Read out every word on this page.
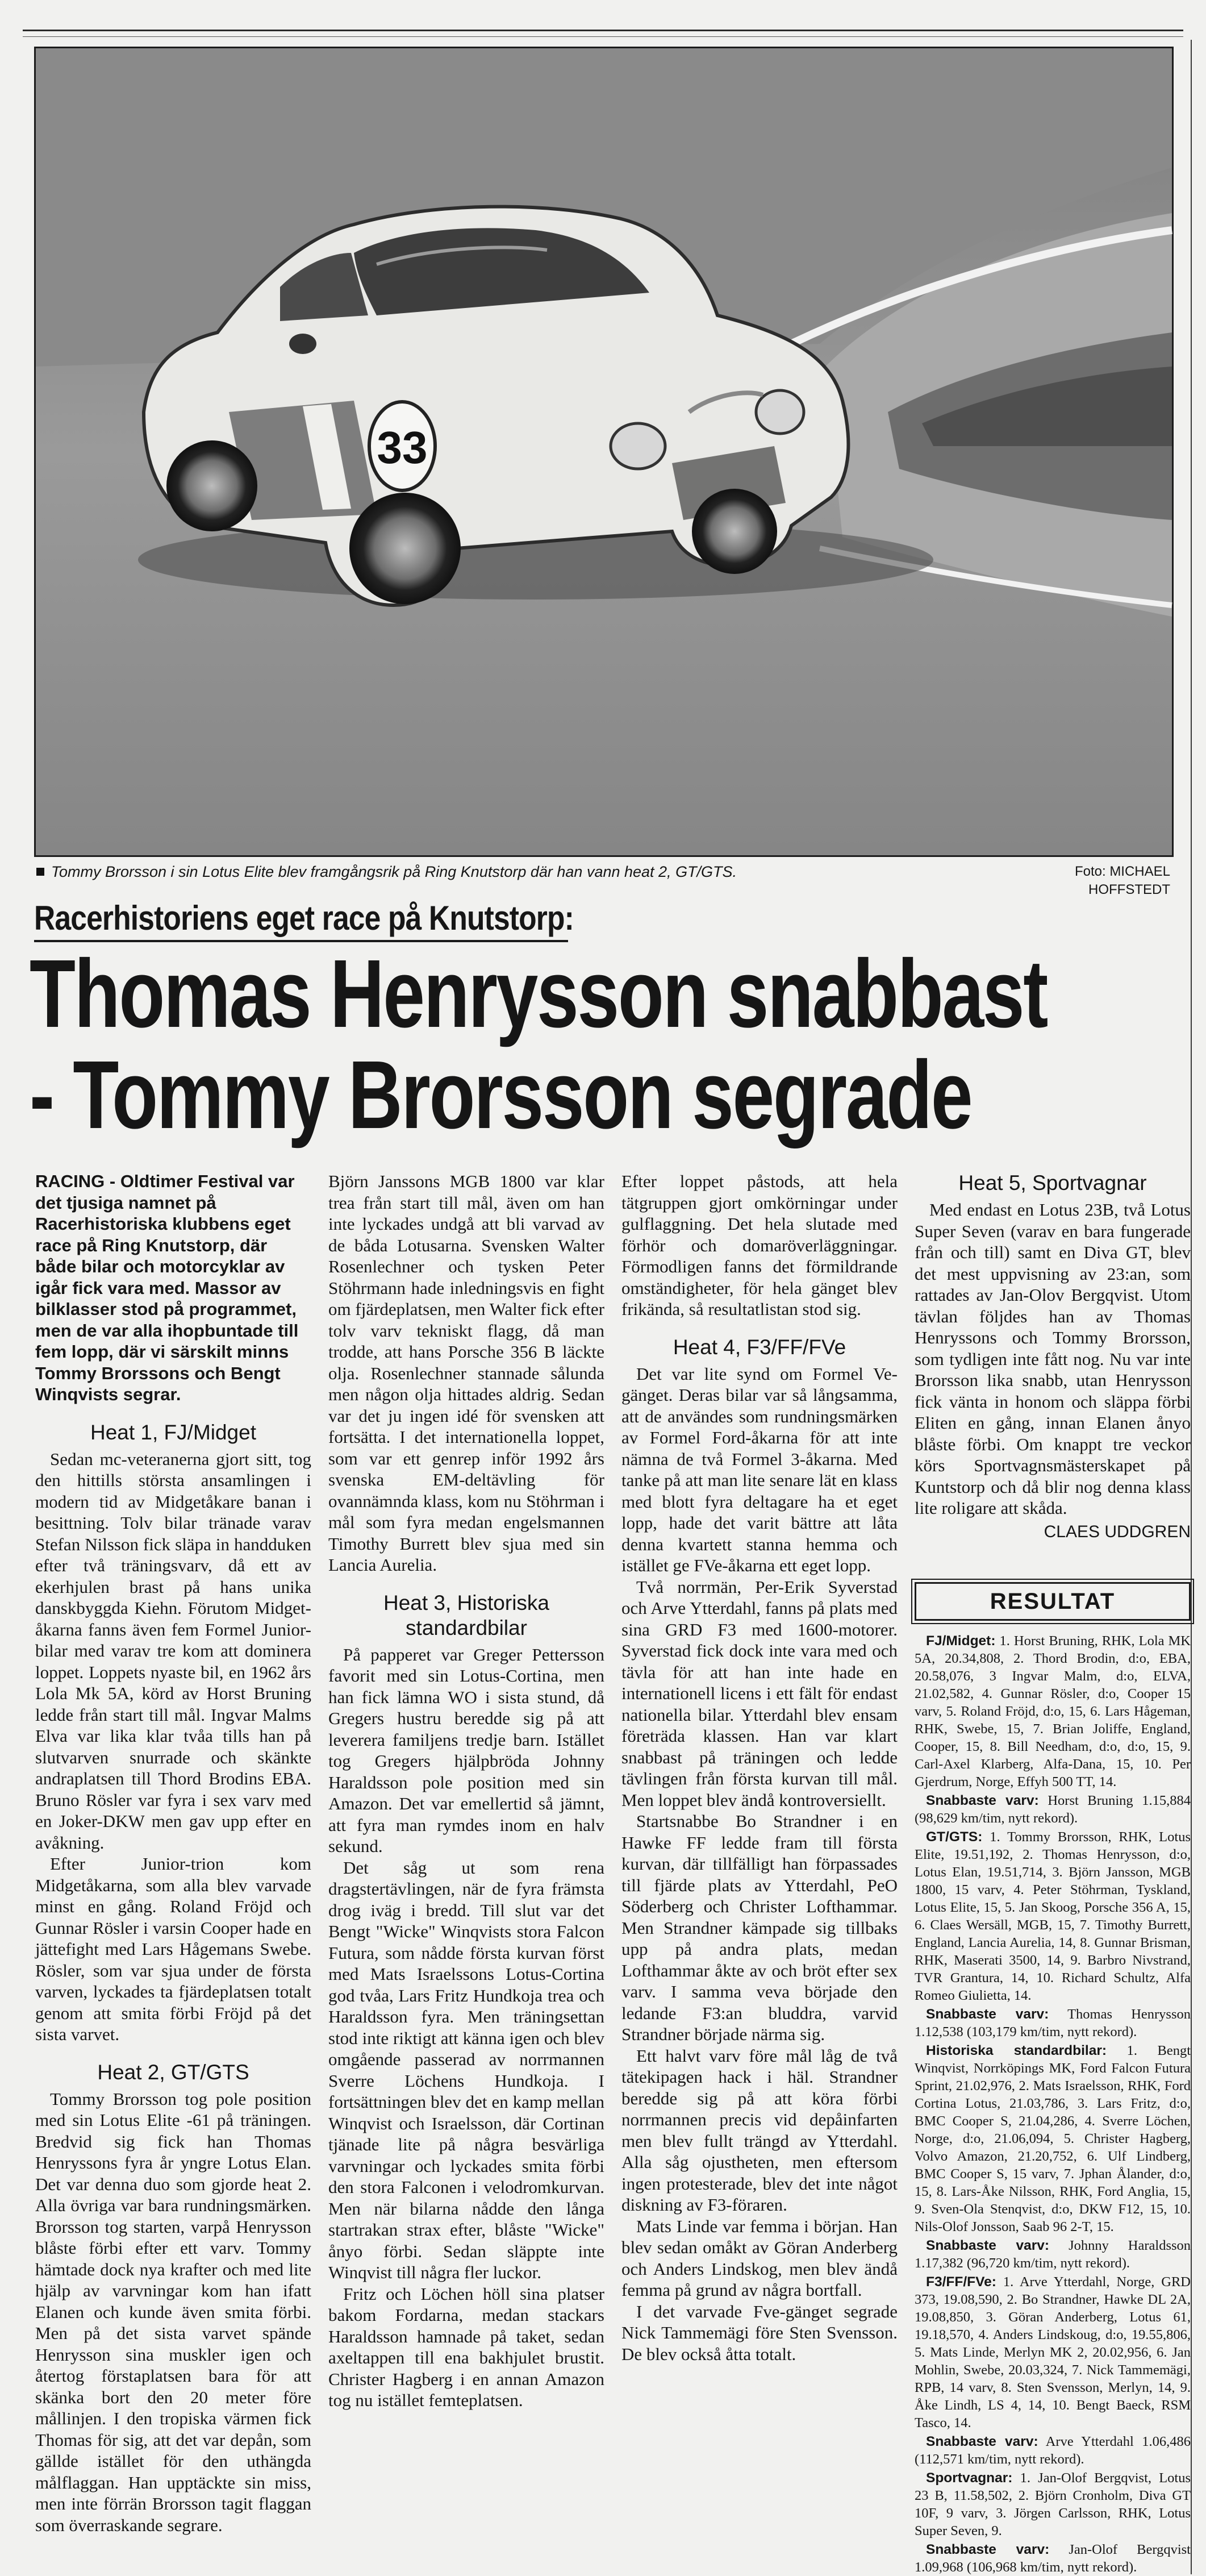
33
Tommy Brorsson i sin Lotus Elite blev framgångsrik på Ring Knutstorp där han vann heat 2, GT/GTS.	Foto: MICHAEL HOFFSTEDT
Racerhistoriens eget race på Knutstorp:
Thomas Henrysson snabbast
- Tommy Brorsson segrade

RACING - Oldtimer Festival var det tjusiga namnet på Racerhistoriska klubbens eget race på Ring Knutstorp, där både bilar och motorcyklar av igår fick vara med. Massor av bilklasser stod på programmet, men de var alla ihopbuntade till fem lopp, där vi särskilt minns Tommy Brorssons och Bengt Winqvists segrar.

Heat 1, FJ/Midget

Sedan mc-veteranerna gjort sitt, tog den hittills största ansamlingen i modern tid av Midgetåkare banan i besittning. Tolv bilar tränade varav Stefan Nilsson fick släpa in handduken efter två träningsvarv, då ett av ekerhjulen brast på hans unika danskbyggda Kiehn. Förutom Midget-åkarna fanns även fem Formel Junior-bilar med varav tre kom att dominera loppet. Loppets nyaste bil, en 1962 års Lola Mk 5A, körd av Horst Bruning ledde från start till mål. Ingvar Malms Elva var lika klar tvåa tills han på slutvarven snurrade och skänkte andraplatsen till Thord Brodins EBA. Bruno Rösler var fyra i sex varv med en Joker-DKW men gav upp efter en avåkning.

Efter Junior-trion kom Midgetåkarna, som alla blev varvade minst en gång. Roland Fröjd och Gunnar Rösler i varsin Cooper hade en jättefight med Lars Hågemans Swebe. Rösler, som var sjua under de första varven, lyckades ta fjärdeplatsen totalt genom att smita förbi Fröjd på det sista varvet.

Heat 2, GT/GTS

Tommy Brorsson tog pole position med sin Lotus Elite -61 på träningen. Bredvid sig fick han Thomas Henryssons fyra år yngre Lotus Elan. Det var denna duo som gjorde heat 2. Alla övriga var bara rundningsmärken. Brorsson tog starten, varpå Henrysson blåste förbi efter ett varv. Tommy hämtade dock nya krafter och med lite hjälp av varvningar kom han ifatt Elanen och kunde även smita förbi. Men på det sista varvet spände Henrysson sina muskler igen och återtog förstaplatsen bara för att skänka bort den 20 meter före mållinjen. I den tropiska värmen fick Thomas för sig, att det var depån, som gällde istället för den uthängda målflaggan. Han upptäckte sin miss, men inte förrän Brorsson tagit flaggan som överraskande segrare.

Björn Janssons MGB 1800 var klar trea från start till mål, även om han inte lyckades undgå att bli varvad av de båda Lotusarna. Svensken Walter Rosenlechner och tysken Peter Stöhrmann hade inledningsvis en fight om fjärdeplatsen, men Walter fick efter tolv varv tekniskt flagg, då man trodde, att hans Porsche 356 B läckte olja. Rosenlechner stannade sålunda men någon olja hittades aldrig. Sedan var det ju ingen idé för svensken att fortsätta. I det internationella loppet, som var ett genrep inför 1992 års svenska EM-deltävling för ovannämnda klass, kom nu Stöhrman i mål som fyra medan engelsmannen Timothy Burrett blev sjua med sin Lancia Aurelia.

Heat 3, Historiska standardbilar

På papperet var Greger Pettersson favorit med sin Lotus-Cortina, men han fick lämna WO i sista stund, då Gregers hustru beredde sig på att leverera familjens tredje barn. Istället tog Gregers hjälpbröda Johnny Haraldsson pole position med sin Amazon. Det var emellertid så jämnt, att fyra man rymdes inom en halv sekund.

Det såg ut som rena dragstertävlingen, när de fyra främsta drog iväg i bredd. Till slut var det Bengt "Wicke" Winqvists stora Falcon Futura, som nådde första kurvan först med Mats Israelssons Lotus-Cortina god tvåa, Lars Fritz Hundkoja trea och Haraldsson fyra. Men träningsettan stod inte riktigt att känna igen och blev omgående passerad av norrmannen Sverre Löchens Hundkoja. I fortsättningen blev det en kamp mellan Winqvist och Israelsson, där Cortinan tjänade lite på några besvärliga varvningar och lyckades smita förbi den stora Falconen i velodromkurvan. Men när bilarna nådde den långa startrakan strax efter, blåste "Wicke" ånyo förbi. Sedan släppte inte Winqvist till några fler luckor.

Fritz och Löchen höll sina platser bakom Fordarna, medan stackars Haraldsson hamnade på taket, sedan axeltappen till ena bakhjulet brustit. Christer Hagberg i en annan Amazon tog nu istället femteplatsen.

Efter loppet påstods, att hela tätgruppen gjort omkörningar under gulflaggning. Det hela slutade med förhör och domaröverläggningar. Förmodligen fanns det förmildrande omständigheter, för hela gänget blev frikända, så resultatlistan stod sig.

Heat 4, F3/FF/FVe

Det var lite synd om Formel Ve-gänget. Deras bilar var så långsamma, att de användes som rundningsmärken av Formel Ford-åkarna för att inte nämna de två Formel 3-åkarna. Med tanke på att man lite senare lät en klass med blott fyra deltagare ha et eget lopp, hade det varit bättre att låta denna kvartett stanna hemma och istället ge FVe-åkarna ett eget lopp.

Två norrmän, Per-Erik Syverstad och Arve Ytterdahl, fanns på plats med sina GRD F3 med 1600-motorer. Syverstad fick dock inte vara med och tävla för att han inte hade en internationell licens i ett fält för endast nationella bilar. Ytterdahl blev ensam företräda klassen. Han var klart snabbast på träningen och ledde tävlingen från första kurvan till mål. Men loppet blev ändå kontroversiellt.

Startsnabbe Bo Strandner i en Hawke FF ledde fram till första kurvan, där tillfälligt han förpassades till fjärde plats av Ytterdahl, PeO Söderberg och Christer Lofthammar. Men Strandner kämpade sig tillbaks upp på andra plats, medan Lofthammar åkte av och bröt efter sex varv. I samma veva började den ledande F3:an bluddra, varvid Strandner började närma sig.

Ett halvt varv före mål låg de två tätekipagen hack i häl. Strandner beredde sig på att köra förbi norrmannen precis vid depåinfarten men blev fullt trängd av Ytterdahl. Alla såg ojustheten, men eftersom ingen protesterade, blev det inte något diskning av F3-föraren.

Mats Linde var femma i början. Han blev sedan omåkt av Göran Anderberg och Anders Lindskog, men blev ändå femma på grund av några bortfall.

I det varvade Fve-gänget segrade Nick Tammemägi före Sten Svensson. De blev också åtta totalt.

Heat 5, Sportvagnar

Med endast en Lotus 23B, två Lotus Super Seven (varav en bara fungerade från och till) samt en Diva GT, blev det mest uppvisning av 23:an, som rattades av Jan-Olov Bergqvist. Utom tävlan följdes han av Thomas Henryssons och Tommy Brorsson, som tydligen inte fått nog. Nu var inte Brorsson lika snabb, utan Henrysson fick vänta in honom och släppa förbi Eliten en gång, innan Elanen ånyo blåste förbi. Om knappt tre veckor körs Sportvagnsmästerskapet på Kuntstorp och då blir nog denna klass lite roligare att skåda.

CLAES UDDGREN
RESULTAT

FJ/Midget: 1. Horst Bruning, RHK, Lola MK 5A, 20.34,808, 2. Thord Brodin, d:o, EBA, 20.58,076, 3 Ingvar Malm, d:o, ELVA, 21.02,582, 4. Gunnar Rösler, d:o, Cooper 15 varv, 5. Roland Fröjd, d:o, 15, 6. Lars Hågeman, RHK, Swebe, 15, 7. Brian Joliffe, England, Cooper, 15, 8. Bill Needham, d:o, d:o, 15, 9. Carl-Axel Klarberg, Alfa-Dana, 15, 10. Per Gjerdrum, Norge, Effyh 500 TT, 14.

Snabbaste varv: Horst Bruning 1.15,884 (98,629 km/tim, nytt rekord).

GT/GTS: 1. Tommy Brorsson, RHK, Lotus Elite, 19.51,192, 2. Thomas Henrysson, d:o, Lotus Elan, 19.51,714, 3. Björn Jansson, MGB 1800, 15 varv, 4. Peter Stöhrman, Tyskland, Lotus Elite, 15, 5. Jan Skoog, Porsche 356 A, 15, 6. Claes Wersäll, MGB, 15, 7. Timothy Burrett, England, Lancia Aurelia, 14, 8. Gunnar Brisman, RHK, Maserati 3500, 14, 9. Barbro Nivstrand, TVR Grantura, 14, 10. Richard Schultz, Alfa Romeo Giulietta, 14.

Snabbaste varv: Thomas Henrysson 1.12,538 (103,179 km/tim, nytt rekord).

Historiska standardbilar: 1. Bengt Winqvist, Norrköpings MK, Ford Falcon Futura Sprint, 21.02,976, 2. Mats Israelsson, RHK, Ford Cortina Lotus, 21.03,786, 3. Lars Fritz, d:o, BMC Cooper S, 21.04,286, 4. Sverre Löchen, Norge, d:o, 21.06,094, 5. Christer Hagberg, Volvo Amazon, 21.20,752, 6. Ulf Lindberg, BMC Cooper S, 15 varv, 7. Jphan Ålander, d:o, 15, 8. Lars-Åke Nilsson, RHK, Ford Anglia, 15, 9. Sven-Ola Stenqvist, d:o, DKW F12, 15, 10. Nils-Olof Jonsson, Saab 96 2-T, 15.

Snabbaste varv: Johnny Haraldsson 1.17,382 (96,720 km/tim, nytt rekord).

F3/FF/FVe: 1. Arve Ytterdahl, Norge, GRD 373, 19.08,590, 2. Bo Strandner, Hawke DL 2A, 19.08,850, 3. Göran Anderberg, Lotus 61, 19.18,570, 4. Anders Lindskoug, d:o, 19.55,806, 5. Mats Linde, Merlyn MK 2, 20.02,956, 6. Jan Mohlin, Swebe, 20.03,324, 7. Nick Tammemägi, RPB, 14 varv, 8. Sten Svensson, Merlyn, 14, 9. Åke Lindh, LS 4, 14, 10. Bengt Baeck, RSM Tasco, 14.

Snabbaste varv: Arve Ytterdahl 1.06,486 (112,571 km/tim, nytt rekord).

Sportvagnar: 1. Jan-Olof Bergqvist, Lotus 23 B, 11.58,502, 2. Björn Cronholm, Diva GT 10F, 9 varv, 3. Jörgen Carlsson, RHK, Lotus Super Seven, 9.

Snabbaste varv: Jan-Olof Bergqvist 1.09,968 (106,968 km/tim, nytt rekord).
